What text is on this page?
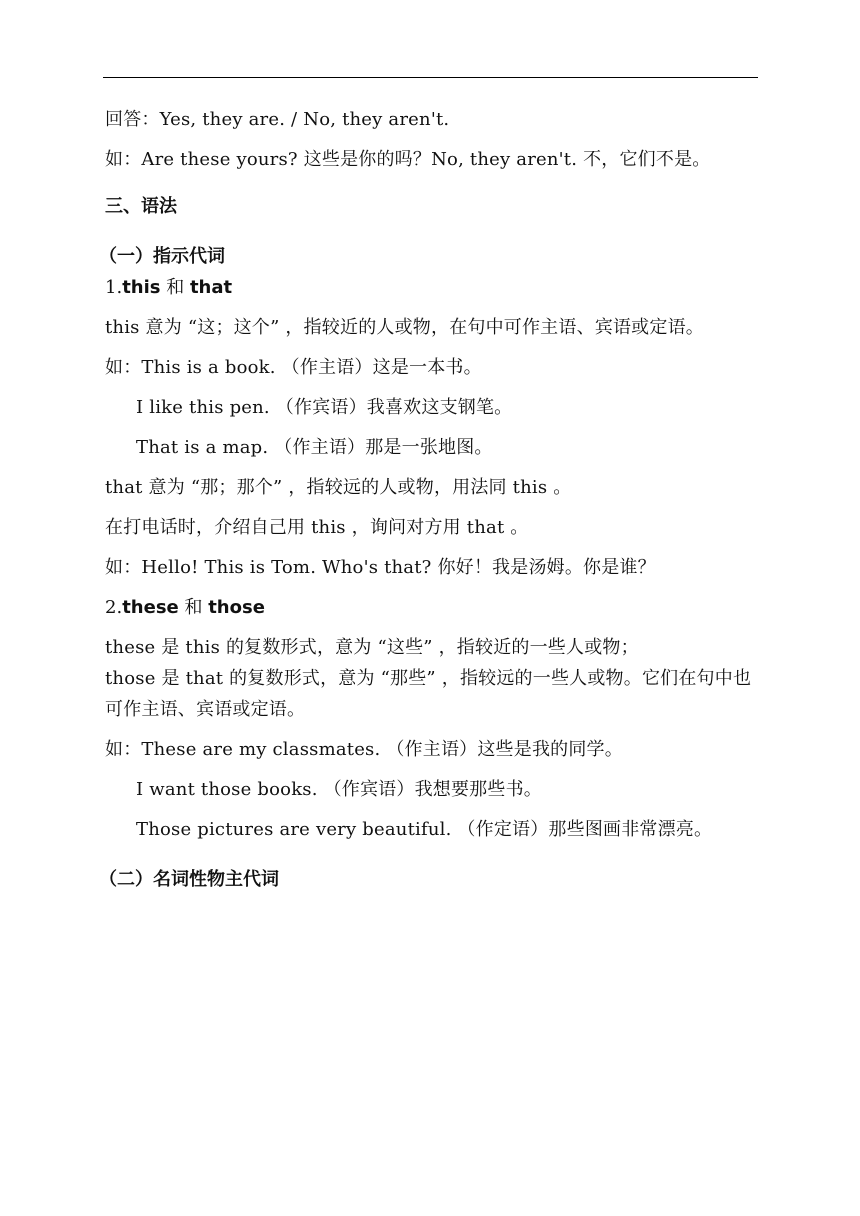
回答：Yes, they are. / No, they aren't.

如：Are these yours? 这些是你的吗？No, they aren't. 不，它们不是。

三、语法
（一）指示代词

1.this 和 that

this 意为 “这；这个” ，指较近的人或物，在句中可作主语、宾语或定语。

如：This is a book. （作主语）这是一本书。

I like this pen. （作宾语）我喜欢这支钢笔。

That is a map. （作主语）那是一张地图。

that 意为 “那；那个” ，指较远的人或物，用法同 this 。

在打电话时，介绍自己用 this ，询问对方用 that 。

如：Hello! This is Tom. Who's that? 你好！我是汤姆。你是谁？

2.these 和 those

these 是 this 的复数形式，意为 “这些” ，指较近的一些人或物；

those 是 that 的复数形式，意为 “那些” ，指较远的一些人或物。它们在句中也可作主语、宾语或定语。

如：These are my classmates. （作主语）这些是我的同学。

I want those books. （作宾语）我想要那些书。

Those pictures are very beautiful. （作定语）那些图画非常漂亮。

（二）名词性物主代词
